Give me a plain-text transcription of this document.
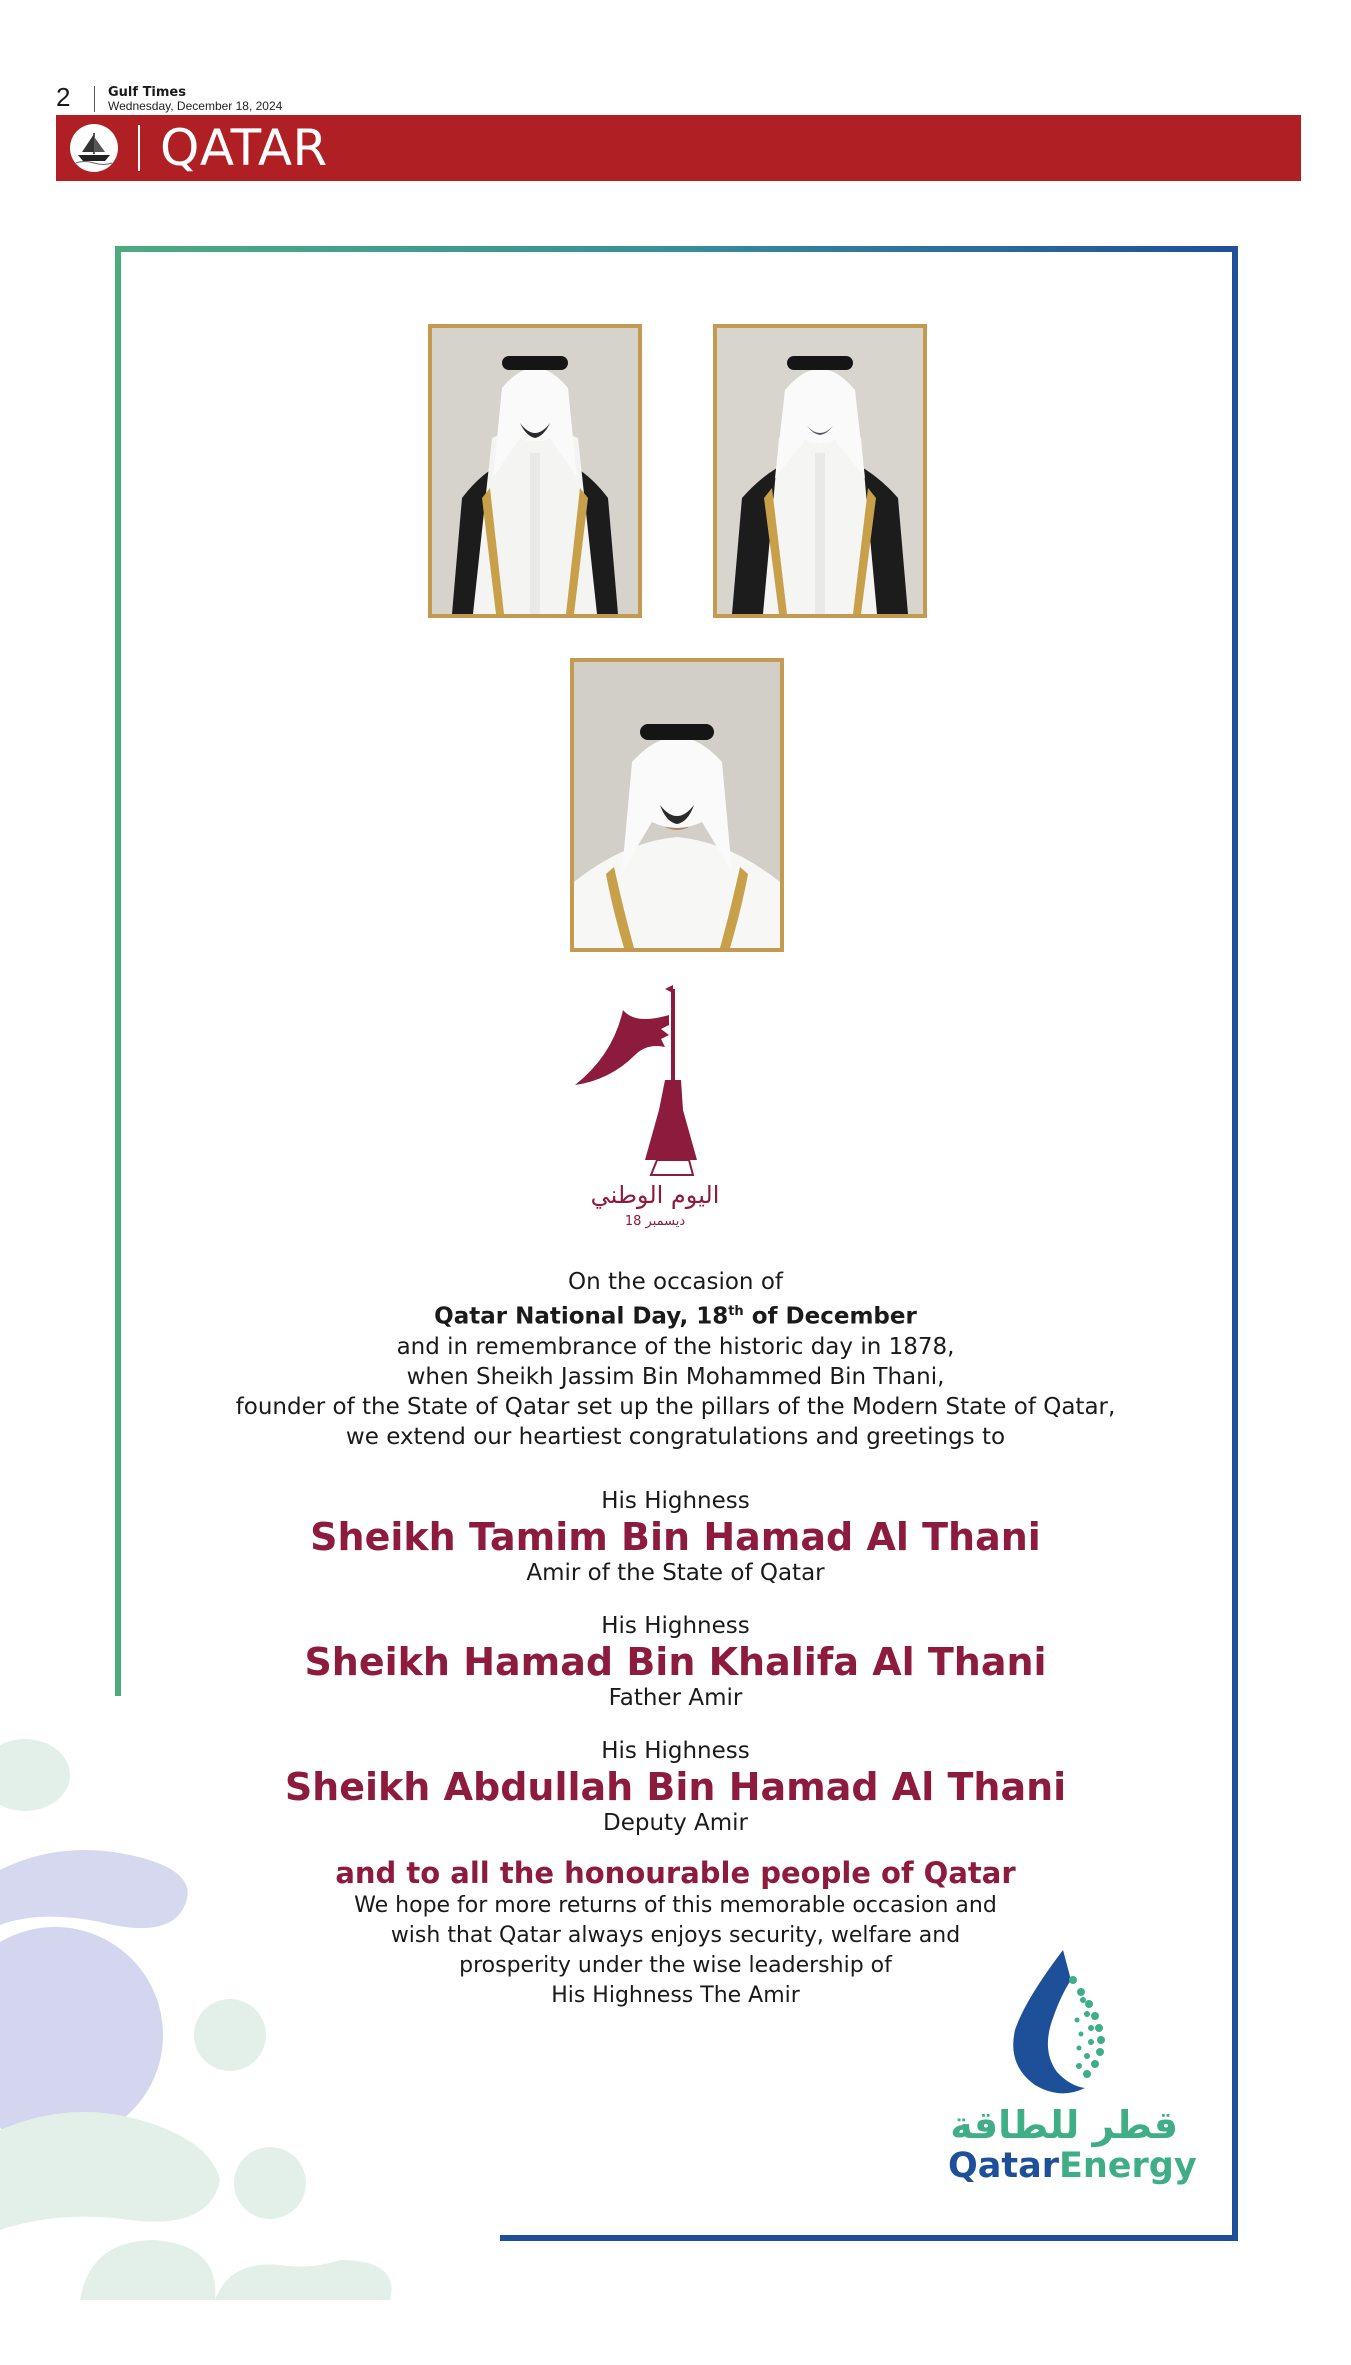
2	Gulf Times
Wednesday, December 18, 2024
QATAR
اليوم الوطني
18 ديسمبر
On the occasion of
Qatar National Day, 18th of December
and in remembrance of the historic day in 1878,
when Sheikh Jassim Bin Mohammed Bin Thani,
founder of the State of Qatar set up the pillars of the Modern State of Qatar,
we extend our heartiest congratulations and greetings to
His Highness
Sheikh Tamim Bin Hamad Al Thani
Amir of the State of Qatar
His Highness
Sheikh Hamad Bin Khalifa Al Thani
Father Amir
His Highness
Sheikh Abdullah Bin Hamad Al Thani
Deputy Amir
and to all the honourable people of Qatar
We hope for more returns of this memorable occasion and
wish that Qatar always enjoys security, welfare and
prosperity under the wise leadership of
His Highness The Amir
قطر للطاقة
QatarEnergy
